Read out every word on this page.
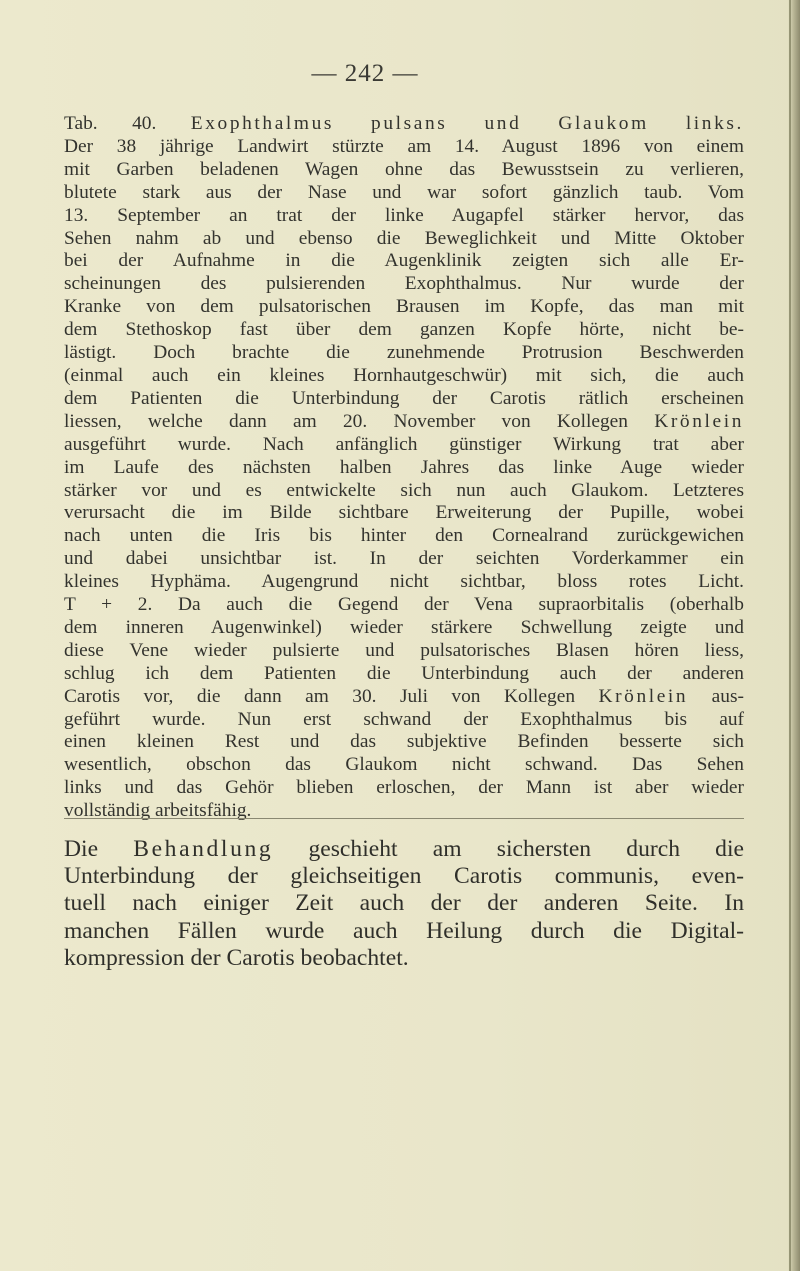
— 242 —
Tab. 40. Exophthalmus pulsans und Glaukom links.
Der 38 jährige Landwirt stürzte am 14. August 1896 von einem
mit Garben beladenen Wagen ohne das Bewusstsein zu verlieren,
blutete stark aus der Nase und war sofort gänzlich taub. Vom
13. September an trat der linke Augapfel stärker hervor, das
Sehen nahm ab und ebenso die Beweglichkeit und Mitte Oktober
bei der Aufnahme in die Augenklinik zeigten sich alle Er-
scheinungen des pulsierenden Exophthalmus. Nur wurde der
Kranke von dem pulsatorischen Brausen im Kopfe, das man mit
dem Stethoskop fast über dem ganzen Kopfe hörte, nicht be-
lästigt. Doch brachte die zunehmende Protrusion Beschwerden
(einmal auch ein kleines Hornhautgeschwür) mit sich, die auch
dem Patienten die Unterbindung der Carotis rätlich erscheinen
liessen, welche dann am 20. November von Kollegen Krönlein
ausgeführt wurde. Nach anfänglich günstiger Wirkung trat aber
im Laufe des nächsten halben Jahres das linke Auge wieder
stärker vor und es entwickelte sich nun auch Glaukom. Letzteres
verursacht die im Bilde sichtbare Erweiterung der Pupille, wobei
nach unten die Iris bis hinter den Cornealrand zurückgewichen
und dabei unsichtbar ist. In der seichten Vorderkammer ein
kleines Hyphäma. Augengrund nicht sichtbar, bloss rotes Licht.
T + 2. Da auch die Gegend der Vena supraorbitalis (oberhalb
dem inneren Augenwinkel) wieder stärkere Schwellung zeigte und
diese Vene wieder pulsierte und pulsatorisches Blasen hören liess,
schlug ich dem Patienten die Unterbindung auch der anderen
Carotis vor, die dann am 30. Juli von Kollegen Krönlein aus-
geführt wurde. Nun erst schwand der Exophthalmus bis auf
einen kleinen Rest und das subjektive Befinden besserte sich
wesentlich, obschon das Glaukom nicht schwand. Das Sehen
links und das Gehör blieben erloschen, der Mann ist aber wieder
vollständig arbeitsfähig.
Die Behandlung geschieht am sichersten durch die
Unterbindung der gleichseitigen Carotis communis, even-
tuell nach einiger Zeit auch der der anderen Seite. In
manchen Fällen wurde auch Heilung durch die Digital-
kompression der Carotis beobachtet.
